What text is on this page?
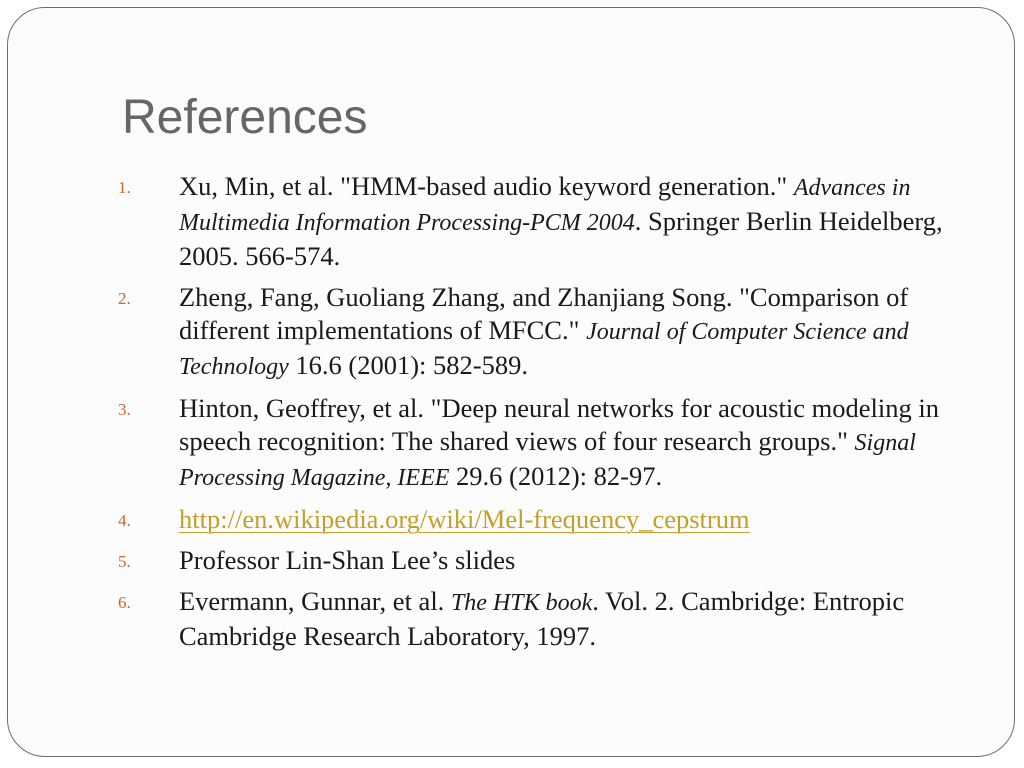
References
1. Xu, Min, et al. "HMM-based audio keyword generation." Advances in Multimedia Information Processing-PCM 2004. Springer Berlin Heidelberg, 2005. 566-574.
2. Zheng, Fang, Guoliang Zhang, and Zhanjiang Song. "Comparison of different implementations of MFCC." Journal of Computer Science and Technology 16.6 (2001): 582-589.
3. Hinton, Geoffrey, et al. "Deep neural networks for acoustic modeling in speech recognition: The shared views of four research groups." Signal Processing Magazine, IEEE 29.6 (2012): 82-97.
4. http://en.wikipedia.org/wiki/Mel-frequency_cepstrum
5. Professor Lin-Shan Lee’s slides
6. Evermann, Gunnar, et al. The HTK book. Vol. 2. Cambridge: Entropic Cambridge Research Laboratory, 1997.
